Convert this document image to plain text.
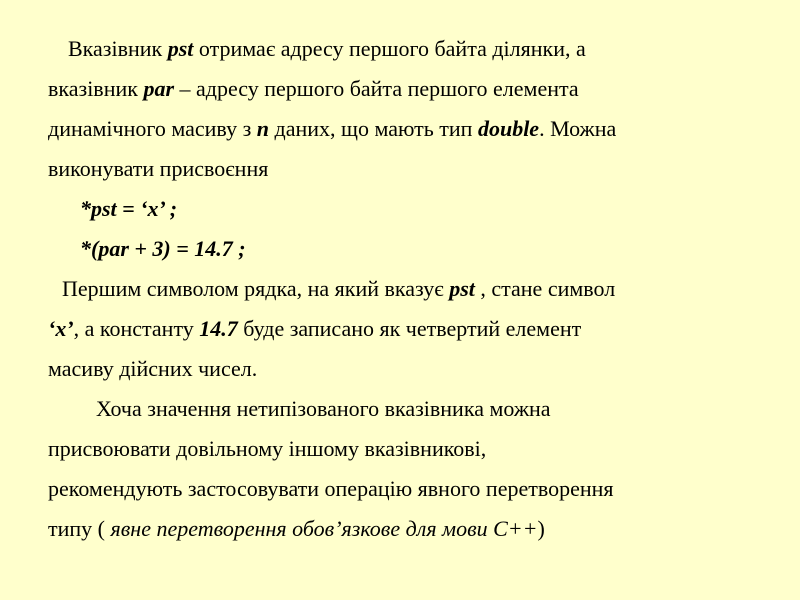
Вказівник pst отримає адресу першого байта ділянки, а
вказівник par – адресу першого байта першого елемента
динамічного масиву з n даних, що мають тип double. Можна
виконувати присвоєння
*pst = ‘x’ ;
*(par + 3) = 14.7 ;
Першим символом рядка, на який вказує pst , стане символ
‘x’, а константу 14.7 буде записано як четвертий елемент
масиву дійсних чисел.
Хоча значення нетипізованого вказівника можна
присвоювати довільному іншому вказівникові,
рекомендують застосовувати операцію явного перетворення
типу ( явне перетворення обов’язкове для мови С++)
